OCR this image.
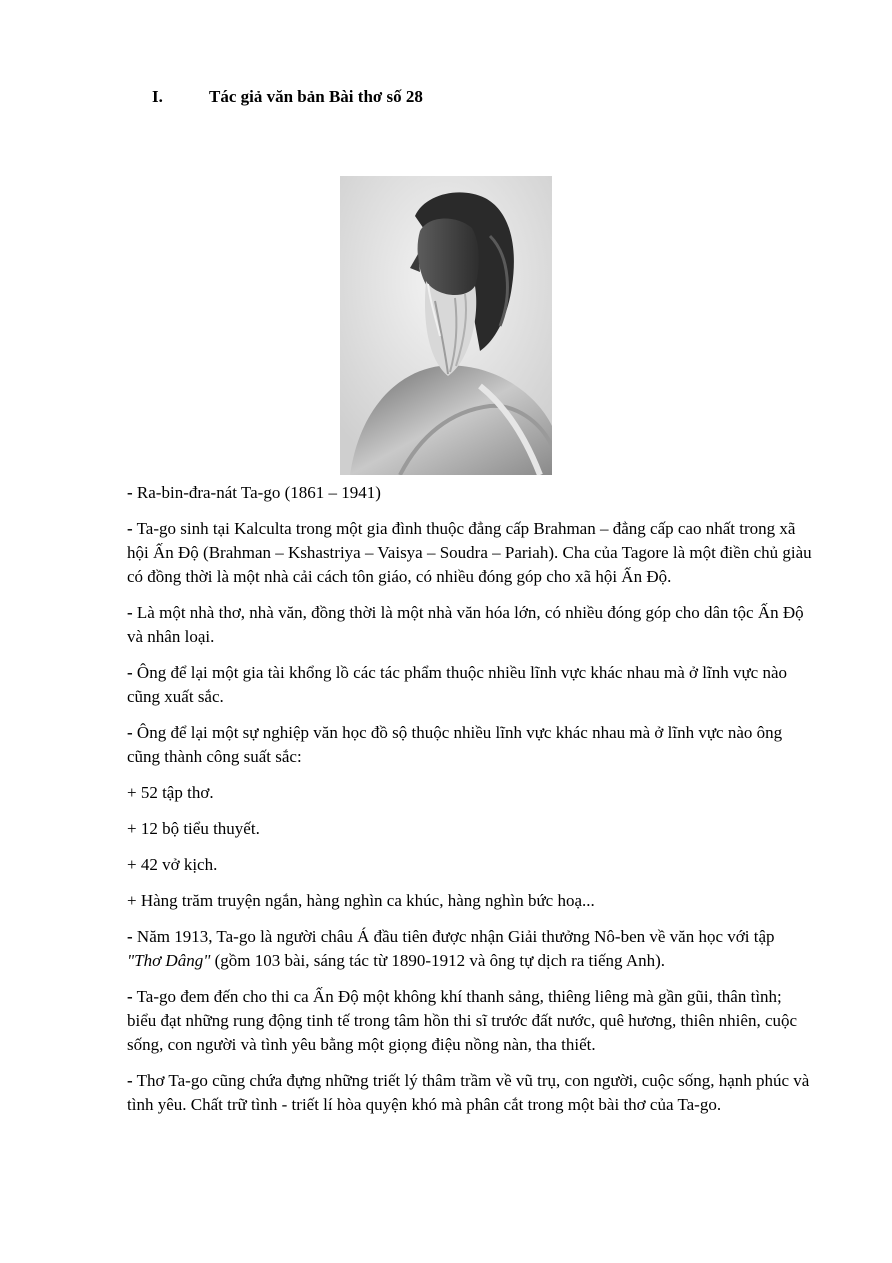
I.	Tác giả văn bản Bài thơ số 28

- Ra-bin-đra-nát Ta-go (1861 – 1941)

- Ta-go sinh tại Kalculta trong một gia đình thuộc đẳng cấp Brahman – đẳng cấp cao nhất trong xã hội Ấn Độ (Brahman – Kshastriya – Vaisya – Soudra – Pariah). Cha của Tagore là một điền chủ giàu có đồng thời là một nhà cải cách tôn giáo, có nhiều đóng góp cho xã hội Ấn Độ.

- Là một nhà thơ, nhà văn, đồng thời là một nhà văn hóa lớn, có nhiều đóng góp cho dân tộc Ấn Độ và nhân loại.

- Ông để lại một gia tài khổng lồ các tác phẩm thuộc nhiều lĩnh vực khác nhau mà ở lĩnh vực nào cũng xuất sắc.

- Ông để lại một sự nghiệp văn học đồ sộ thuộc nhiều lĩnh vực khác nhau mà ở lĩnh vực nào ông cũng thành công suất sắc:

+ 52 tập thơ.

+ 12 bộ tiểu thuyết.

+ 42 vở kịch.

+ Hàng trăm truyện ngắn, hàng nghìn ca khúc, hàng nghìn bức hoạ...

- Năm 1913, Ta-go là người châu Á đầu tiên được nhận Giải thưởng Nô-ben về văn học với tập "Thơ Dâng" (gồm 103 bài, sáng tác từ 1890-1912 và ông tự dịch ra tiếng Anh).

- Ta-go đem đến cho thi ca Ấn Độ một không khí thanh sảng, thiêng liêng mà gần gũi, thân tình; biểu đạt những rung động tinh tế trong tâm hồn thi sĩ trước đất nước, quê hương, thiên nhiên, cuộc sống, con người và tình yêu bằng một giọng điệu nồng nàn, tha thiết.

- Thơ Ta-go cũng chứa đựng những triết lý thâm trầm về vũ trụ, con người, cuộc sống, hạnh phúc và tình yêu. Chất trữ tình - triết lí hòa quyện khó mà phân cắt trong một bài thơ của Ta-go.
